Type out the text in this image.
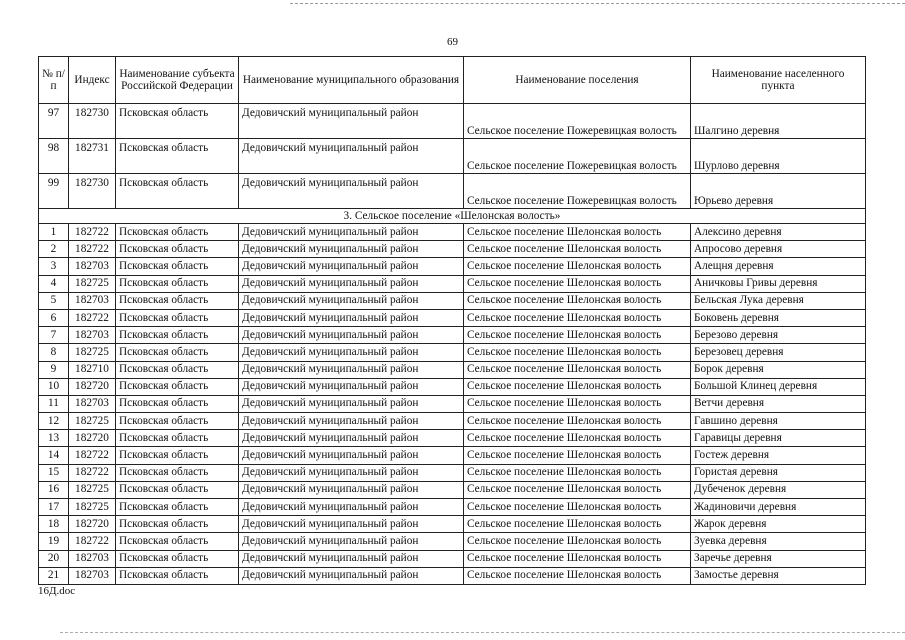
69
№ п/п	Индекс	Наименование субъекта Российской Федерации	Наименование муниципального образования	Наименование поселения	Наименование населенного пункта
97	182730	Псковская область	Дедовичский муниципальный район	Сельское поселение Пожеревицкая волость	Шалгино деревня
98	182731	Псковская область	Дедовичский муниципальный район	Сельское поселение Пожеревицкая волость	Шурлово деревня
99	182730	Псковская область	Дедовичский муниципальный район	Сельское поселение Пожеревицкая волость	Юрьево деревня
3. Сельское поселение «Шелонская волость»					
1	182722	Псковская область	Дедовичский муниципальный район	Сельское поселение Шелонская волость	Алексино деревня
2	182722	Псковская область	Дедовичский муниципальный район	Сельское поселение Шелонская волость	Апросово деревня
3	182703	Псковская область	Дедовичский муниципальный район	Сельское поселение Шелонская волость	Алещня деревня
4	182725	Псковская область	Дедовичский муниципальный район	Сельское поселение Шелонская волость	Аничковы Гривы деревня
5	182703	Псковская область	Дедовичский муниципальный район	Сельское поселение Шелонская волость	Бельская Лука деревня
6	182722	Псковская область	Дедовичский муниципальный район	Сельское поселение Шелонская волость	Боковень деревня
7	182703	Псковская область	Дедовичский муниципальный район	Сельское поселение Шелонская волость	Березово деревня
8	182725	Псковская область	Дедовичский муниципальный район	Сельское поселение Шелонская волость	Березовец деревня
9	182710	Псковская область	Дедовичский муниципальный район	Сельское поселение Шелонская волость	Борок деревня
10	182720	Псковская область	Дедовичский муниципальный район	Сельское поселение Шелонская волость	Большой Клинец деревня
11	182703	Псковская область	Дедовичский муниципальный район	Сельское поселение Шелонская волость	Ветчи деревня
12	182725	Псковская область	Дедовичский муниципальный район	Сельское поселение Шелонская волость	Гавшино деревня
13	182720	Псковская область	Дедовичский муниципальный район	Сельское поселение Шелонская волость	Гаравицы деревня
14	182722	Псковская область	Дедовичский муниципальный район	Сельское поселение Шелонская волость	Гостеж деревня
15	182722	Псковская область	Дедовичский муниципальный район	Сельское поселение Шелонская волость	Гористая деревня
16	182725	Псковская область	Дедовичский муниципальный район	Сельское поселение Шелонская волость	Дубеченок деревня
17	182725	Псковская область	Дедовичский муниципальный район	Сельское поселение Шелонская волость	Жадиновичи деревня
18	182720	Псковская область	Дедовичский муниципальный район	Сельское поселение Шелонская волость	Жарок деревня
19	182722	Псковская область	Дедовичский муниципальный район	Сельское поселение Шелонская волость	Зуевка деревня
20	182703	Псковская область	Дедовичский муниципальный район	Сельское поселение Шелонская волость	Заречье деревня
21	182703	Псковская область	Дедовичский муниципальный район	Сельское поселение Шелонская волость	Замостье деревня
16Д.doc
